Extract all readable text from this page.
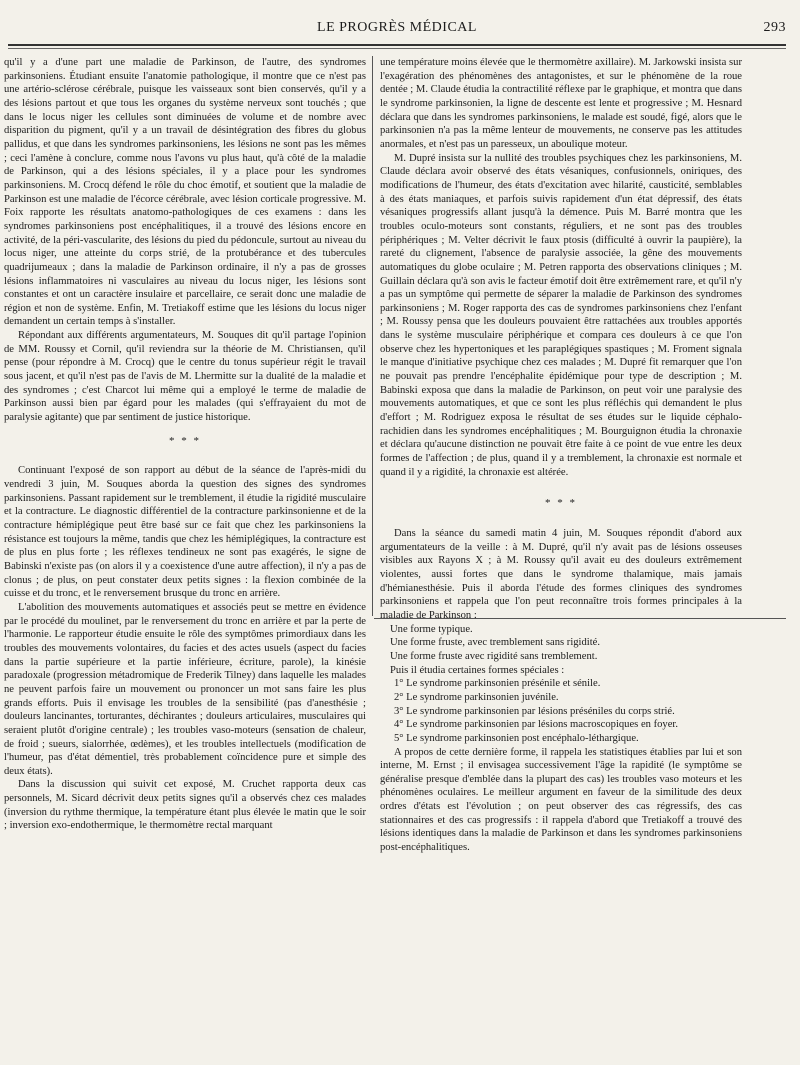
LE PROGRÈS MÉDICAL	293

qu'il y a d'une part une maladie de Parkinson, de l'autre, des syndromes parkinsoniens. Étudiant ensuite l'anatomie pathologique, il montre que ce n'est pas une artério-sclérose cérébrale, puisque les vaisseaux sont bien conservés, qu'il y a des lésions partout et que tous les organes du système nerveux sont touchés ; que dans le locus niger les cellules sont diminuées de volume et de nombre avec disparition du pigment, qu'il y a un travail de désintégration des fibres du globus pallidus, et que dans les syndromes parkinsoniens, les lésions ne sont pas les mêmes ; ceci l'amène à conclure, comme nous l'avons vu plus haut, qu'à côté de la maladie de Parkinson, qui a des lésions spéciales, il y a place pour les syndromes parkinsoniens. M. Crocq défend le rôle du choc émotif, et soutient que la maladie de Parkinson est une maladie de l'écorce cérébrale, avec lésion corticale progressive. M. Foix rapporte les résultats anatomo-pathologiques de ces examens : dans les syndromes parkinsoniens post encéphalitiques, il a trouvé des lésions encore en activité, de la péri-vascularite, des lésions du pied du pédoncule, surtout au niveau du locus niger, une atteinte du corps strié, de la protubérance et des tubercules quadrijumeaux ; dans la maladie de Parkinson ordinaire, il n'y a pas de grosses lésions inflammatoires ni vasculaires au niveau du locus niger, les lésions sont constantes et ont un caractère insulaire et parcellaire, ce serait donc une maladie de région et non de système. Enfin, M. Tretiakoff estime que les lésions du locus niger demandent un certain temps à s'installer.

Répondant aux différents argumentateurs, M. Souques dit qu'il partage l'opinion de MM. Roussy et Cornil, qu'il reviendra sur la théorie de M. Christiansen, qu'il pense (pour répondre à M. Crocq) que le centre du tonus supérieur régit le travail sous jacent, et qu'il n'est pas de l'avis de M. Lhermitte sur la dualité de la maladie et des syndromes ; c'est Charcot lui même qui a employé le terme de maladie de Parkinson aussi bien par égard pour les malades (qui s'effrayaient du mot de paralysie agitante) que par sentiment de justice historique.

* * *

Continuant l'exposé de son rapport au début de la séance de l'après-midi du vendredi 3 juin, M. Souques aborda la question des signes des syndromes parkinsoniens. Passant rapidement sur le tremblement, il étudie la rigidité musculaire et la contracture. Le diagnostic différentiel de la contracture parkinsonienne et de la contracture hémiplégique peut être basé sur ce fait que chez les parkinsoniens la résistance est toujours la même, tandis que chez les hémiplégiques, la contracture est de plus en plus forte ; les réflexes tendineux ne sont pas exagérés, le signe de Babinski n'existe pas (on alors il y a coexistence d'une autre affection), il n'y a pas de clonus ; de plus, on peut constater deux petits signes : la flexion combinée de la cuisse et du tronc, et le renversement brusque du tronc en arrière.

L'abolition des mouvements automatiques et associés peut se mettre en évidence par le procédé du moulinet, par le renversement du tronc en arrière et par la perte de l'harmonie. Le rapporteur étudie ensuite le rôle des symptômes primordiaux dans les troubles des mouvements volontaires, du facies et des actes usuels (aspect du facies dans la partie supérieure et la partie inférieure, écriture, parole), la kinésie paradoxale (progression métadromique de Frederik Tilney) dans laquelle les malades ne peuvent parfois faire un mouvement ou prononcer un mot sans faire les plus grands efforts. Puis il envisage les troubles de la sensibilité (pas d'anesthésie ; douleurs lancinantes, torturantes, déchirantes ; douleurs articulaires, musculaires qui seraient plutôt d'origine centrale) ; les troubles vaso-moteurs (sensation de chaleur, de froid ; sueurs, sialorrhée, œdèmes), et les troubles intellectuels (modification de l'humeur, pas d'état démentiel, très probablement coïncidence pure et simple des deux états).

Dans la discussion qui suivit cet exposé, M. Cruchet rapporta deux cas personnels, M. Sicard décrivit deux petits signes qu'il a observés chez ces malades (inversion du rythme thermique, la température étant plus élevée le matin que le soir ; inversion exo-endothermique, le thermomètre rectal marquant

une température moins élevée que le thermomètre axillaire). M. Jarkowski insista sur l'exagération des phénomènes des antagonistes, et sur le phénomène de la roue dentée ; M. Claude étudia la contractilité réflexe par le graphique, et montra que dans le syndrome parkinsonien, la ligne de descente est lente et progressive ; M. Hesnard déclara que dans les syndromes parkinsoniens, le malade est soudé, figé, alors que le parkinsonien n'a pas la même lenteur de mouvements, ne conserve pas les attitudes anormales, et n'est pas un paresseux, un aboulique moteur.

M. Dupré insista sur la nullité des troubles psychiques chez les parkinsoniens, M. Claude déclara avoir observé des états vésaniques, confusionnels, oniriques, des modifications de l'humeur, des états d'excitation avec hilarité, causticité, semblables à des états maniaques, et parfois suivis rapidement d'un état dépressif, des états vésaniques progressifs allant jusqu'à la démence. Puis M. Barré montra que les troubles oculo-moteurs sont constants, réguliers, et ne sont pas des troubles périphériques ; M. Velter décrivit le faux ptosis (difficulté à ouvrir la paupière), la rareté du clignement, l'absence de paralysie associée, la gêne des mouvements automatiques du globe oculaire ; M. Petren rapporta des observations cliniques ; M. Guillain déclara qu'à son avis le facteur émotif doit être extrêmement rare, et qu'il n'y a pas un symptôme qui permette de séparer la maladie de Parkinson des syndromes parkinsoniens ; M. Roger rapporta des cas de syndromes parkinsoniens chez l'enfant ; M. Roussy pensa que les douleurs pouvaient être rattachées aux troubles apportés dans le système musculaire périphérique et compara ces douleurs à ce que l'on observe chez les hypertoniques et les paraplégiques spastiques ; M. Froment signala le manque d'initiative psychique chez ces malades ; M. Dupré fit remarquer que l'on ne pouvait pas prendre l'encéphalite épidémique pour type de description ; M. Babinski exposa que dans la maladie de Parkinson, on peut voir une paralysie des mouvements automatiques, et que ce sont les plus réfléchis qui demandent le plus d'effort ; M. Rodriguez exposa le résultat de ses études sur le liquide céphalo-rachidien dans les syndromes encéphalitiques ; M. Bourguignon étudia la chronaxie et déclara qu'aucune distinction ne pouvait être faite à ce point de vue entre les deux formes de l'affection ; de plus, quand il y a tremblement, la chronaxie est normale et quand il y a rigidité, la chronaxie est altérée.

* * *

Dans la séance du samedi matin 4 juin, M. Souques répondit d'abord aux argumentateurs de la veille : à M. Dupré, qu'il n'y avait pas de lésions osseuses visibles aux Rayons X ; à M. Roussy qu'il avait eu des douleurs extrêmement violentes, aussi fortes que dans le syndrome thalamique, mais jamais d'hémianesthésie. Puis il aborda l'étude des formes cliniques des syndromes parkinsoniens et rappela que l'on peut reconnaître trois formes principales à la maladie de Parkinson :

Une forme typique.

Une forme fruste, avec tremblement sans rigidité.

Une forme fruste avec rigidité sans tremblement.

Puis il étudia certaines formes spéciales :

1° Le syndrome parkinsonien présénile et sénile.

2° Le syndrome parkinsonien juvénile.

3° Le syndrome parkinsonien par lésions préséniles du corps strié.

4° Le syndrome parkinsonien par lésions macroscopiques en foyer.

5° Le syndrome parkinsonien post encéphalo-léthargique.

A propos de cette dernière forme, il rappela les statistiques établies par lui et son interne, M. Ernst ; il envisagea successivement l'âge la rapidité (le symptôme se généralise presque d'emblée dans la plupart des cas) les troubles vaso moteurs et les phénomènes oculaires. Le meilleur argument en faveur de la similitude des deux ordres d'états est l'évolution ; on peut observer des cas régressifs, des cas stationnaires et des cas progressifs : il rappela d'abord que Tretiakoff a trouvé des lésions identiques dans la maladie de Parkinson et dans les syndromes parkinsoniens post-encéphalitiques.
